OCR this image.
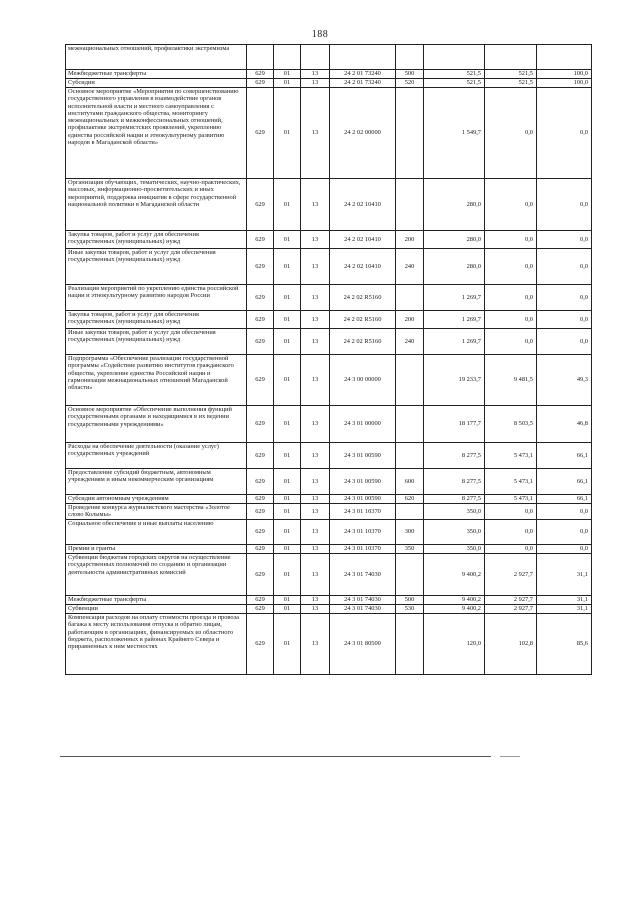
188
межнациональных отношений, профилактики экстремизма								
Межбюджетные трансферты	629	01	13	24 2 01 73240	500	521,5	521,5	100,0
Субсидии	629	01	13	24 2 01 73240	520	521,5	521,5	100,0
Основное мероприятие «Мероприятия по совершенствованию государственного управления в взаимодействие органов исполнительной власти и местного самоуправления с институтами гражданского общества, мониторингу межнациональных и межконфессиональных отношений, профилактике экстремистских проявлений, укреплению единства российской нации и этнокультурному развитию народов в Магаданской области»	629	01	13	24 2 02 00000		1 549,7	0,0	0,0
Организация обучающих, тематических, научно-практических, массовых, информационно-просветительских и иных мероприятий, поддержка инициатив в сфере государственной национальной политики в Магаданской области	629	01	13	24 2 02 10410		280,0	0,0	0,0
Закупка товаров, работ и услуг для обеспечения государственных (муниципальных) нужд	629	01	13	24 2 02 10410	200	280,0	0,0	0,0
Иные закупки товаров, работ и услуг для обеспечения государственных (муниципальных) нужд	629	01	13	24 2 02 10410	240	280,0	0,0	0,0
Реализация мероприятий по укреплению единства российской нации и этнокультурному развитию народов России	629	01	13	24 2 02 R5160		1 269,7	0,0	0,0
Закупка товаров, работ и услуг для обеспечения государственных (муниципальных) нужд	629	01	13	24 2 02 R5160	200	1 269,7	0,0	0,0
Иные закупки товаров, работ и услуг для обеспечения государственных (муниципальных) нужд	629	01	13	24 2 02 R5160	240	1 269,7	0,0	0,0
Подпрограмма «Обеспечение реализации государственной программы «Содействие развитию институтов гражданского общества, укрепление единства Российской нации и гармонизация межнациональных отношений Магаданской области»	629	01	13	24 3 00 00000		19 233,7	9 481,5	49,3
Основное мероприятие «Обеспечение выполнения функций государственными органами и находящимися в их ведении государственными учреждениями»	629	01	13	24 3 01 00000		18 177,7	8 503,5	46,8
Расходы на обеспечение деятельности (оказание услуг) государственных учреждений	629	01	13	24 3 01 00590		8 277,5	5 473,1	66,1
Предоставление субсидий бюджетным, автономным учреждениям и иным некоммерческим организациям	629	01	13	24 3 01 00590	600	8 277,5	5 473,1	66,1
Субсидии автономным учреждениям	629	01	13	24 3 01 00590	620	8 277,5	5 473,1	66,1
Проведение конкурса журналистского мастерства «Золотое слово Колымы»	629	01	13	24 3 01 10370		350,0	0,0	0,0
Социальное обеспечение и иные выплаты населению	629	01	13	24 3 01 10370	300	350,0	0,0	0,0
Премии и гранты	629	01	13	24 3 01 10370	350	350,0	0,0	0,0
Субвенции бюджетам городских округов на осуществление государственных полномочий по созданию и организации деятельности административных комиссий	629	01	13	24 3 01 74030		9 400,2	2 927,7	31,1
Межбюджетные трансферты	629	01	13	24 3 01 74030	500	9 400,2	2 927,7	31,1
Субвенции	629	01	13	24 3 01 74030	530	9 400,2	2 927,7	31,1
Компенсация расходов на оплату стоимости проезда и провоза багажа к месту использования отпуска и обратно лицам, работающим в организациях, финансируемых из областного бюджета, расположенных в районах Крайнего Севера и приравненных к ним местностях	629	01	13	24 3 01 80500		120,0	102,8	85,6
